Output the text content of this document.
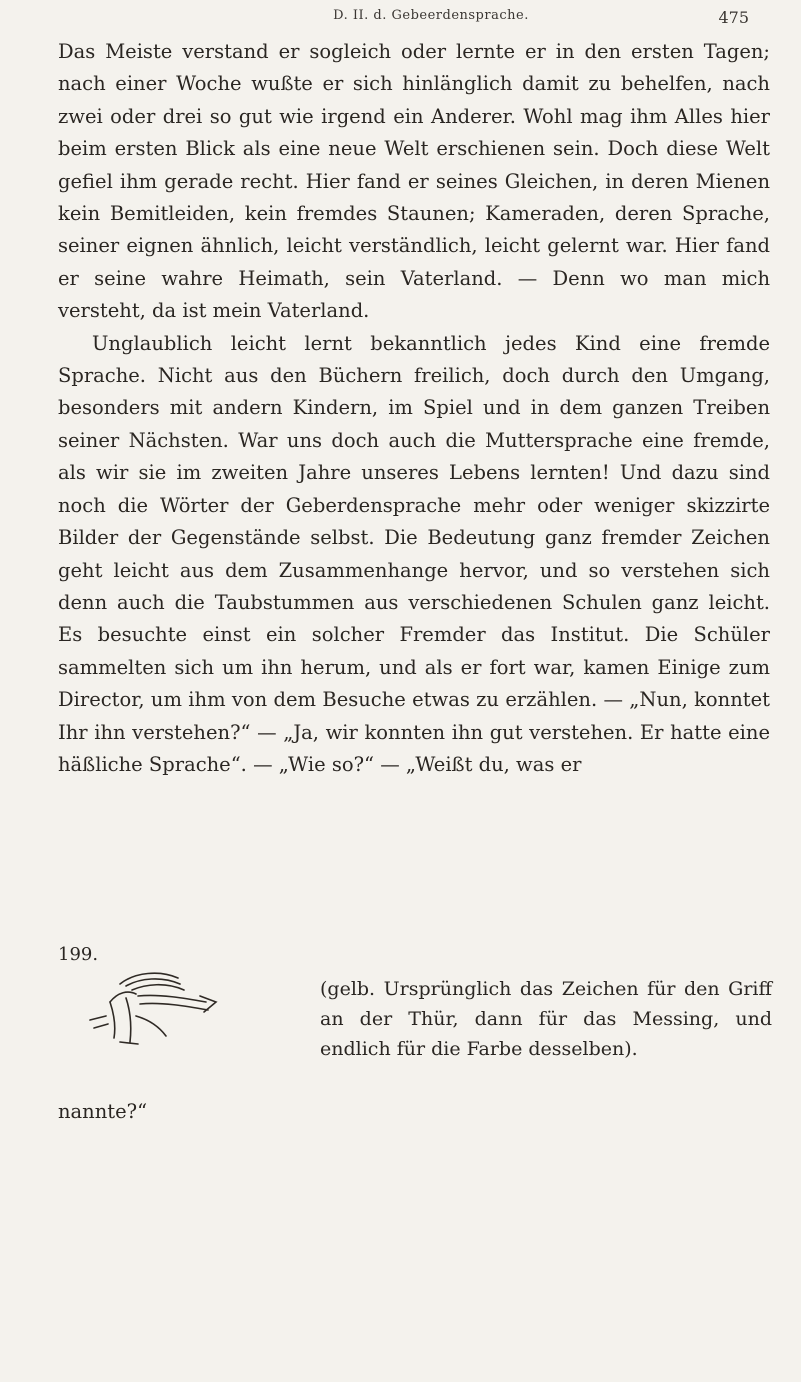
D. II. d. Gebeerdensprache.	475

Das Meiste verstand er sogleich oder lernte er in den ersten Tagen; nach einer Woche wußte er sich hinlänglich damit zu behelfen, nach zwei oder drei so gut wie irgend ein Anderer. Wohl mag ihm Alles hier beim ersten Blick als eine neue Welt erschienen sein. Doch diese Welt gefiel ihm gerade recht. Hier fand er seines Gleichen, in deren Mienen kein Bemitleiden, kein fremdes Staunen; Kameraden, deren Sprache, seiner eignen ähnlich, leicht verständlich, leicht gelernt war. Hier fand er seine wahre Heimath, sein Vaterland. — Denn wo man mich versteht, da ist mein Vaterland.

Unglaublich leicht lernt bekanntlich jedes Kind eine fremde Sprache. Nicht aus den Büchern freilich, doch durch den Umgang, besonders mit andern Kindern, im Spiel und in dem ganzen Treiben seiner Nächsten. War uns doch auch die Muttersprache eine fremde, als wir sie im zweiten Jahre unseres Lebens lernten! Und dazu sind noch die Wörter der Geberdensprache mehr oder weniger skizzirte Bilder der Gegenstände selbst. Die Bedeutung ganz fremder Zeichen geht leicht aus dem Zusammenhange hervor, und so verstehen sich denn auch die Taubstummen aus verschiedenen Schulen ganz leicht. Es besuchte einst ein solcher Fremder das Institut. Die Schüler sammelten sich um ihn herum, und als er fort war, kamen Einige zum Director, um ihm von dem Besuche etwas zu erzählen. — „Nun, konntet Ihr ihn verstehen?“ — „Ja, wir konnten ihn gut verstehen. Er hatte eine häßliche Sprache“. — „Wie so?“ — „Weißt du, was er

199.
(gelb. Ursprünglich das Zeichen für den Griff an der Thür, dann für das Messing, und endlich für die Farbe desselben).
nannte?“
